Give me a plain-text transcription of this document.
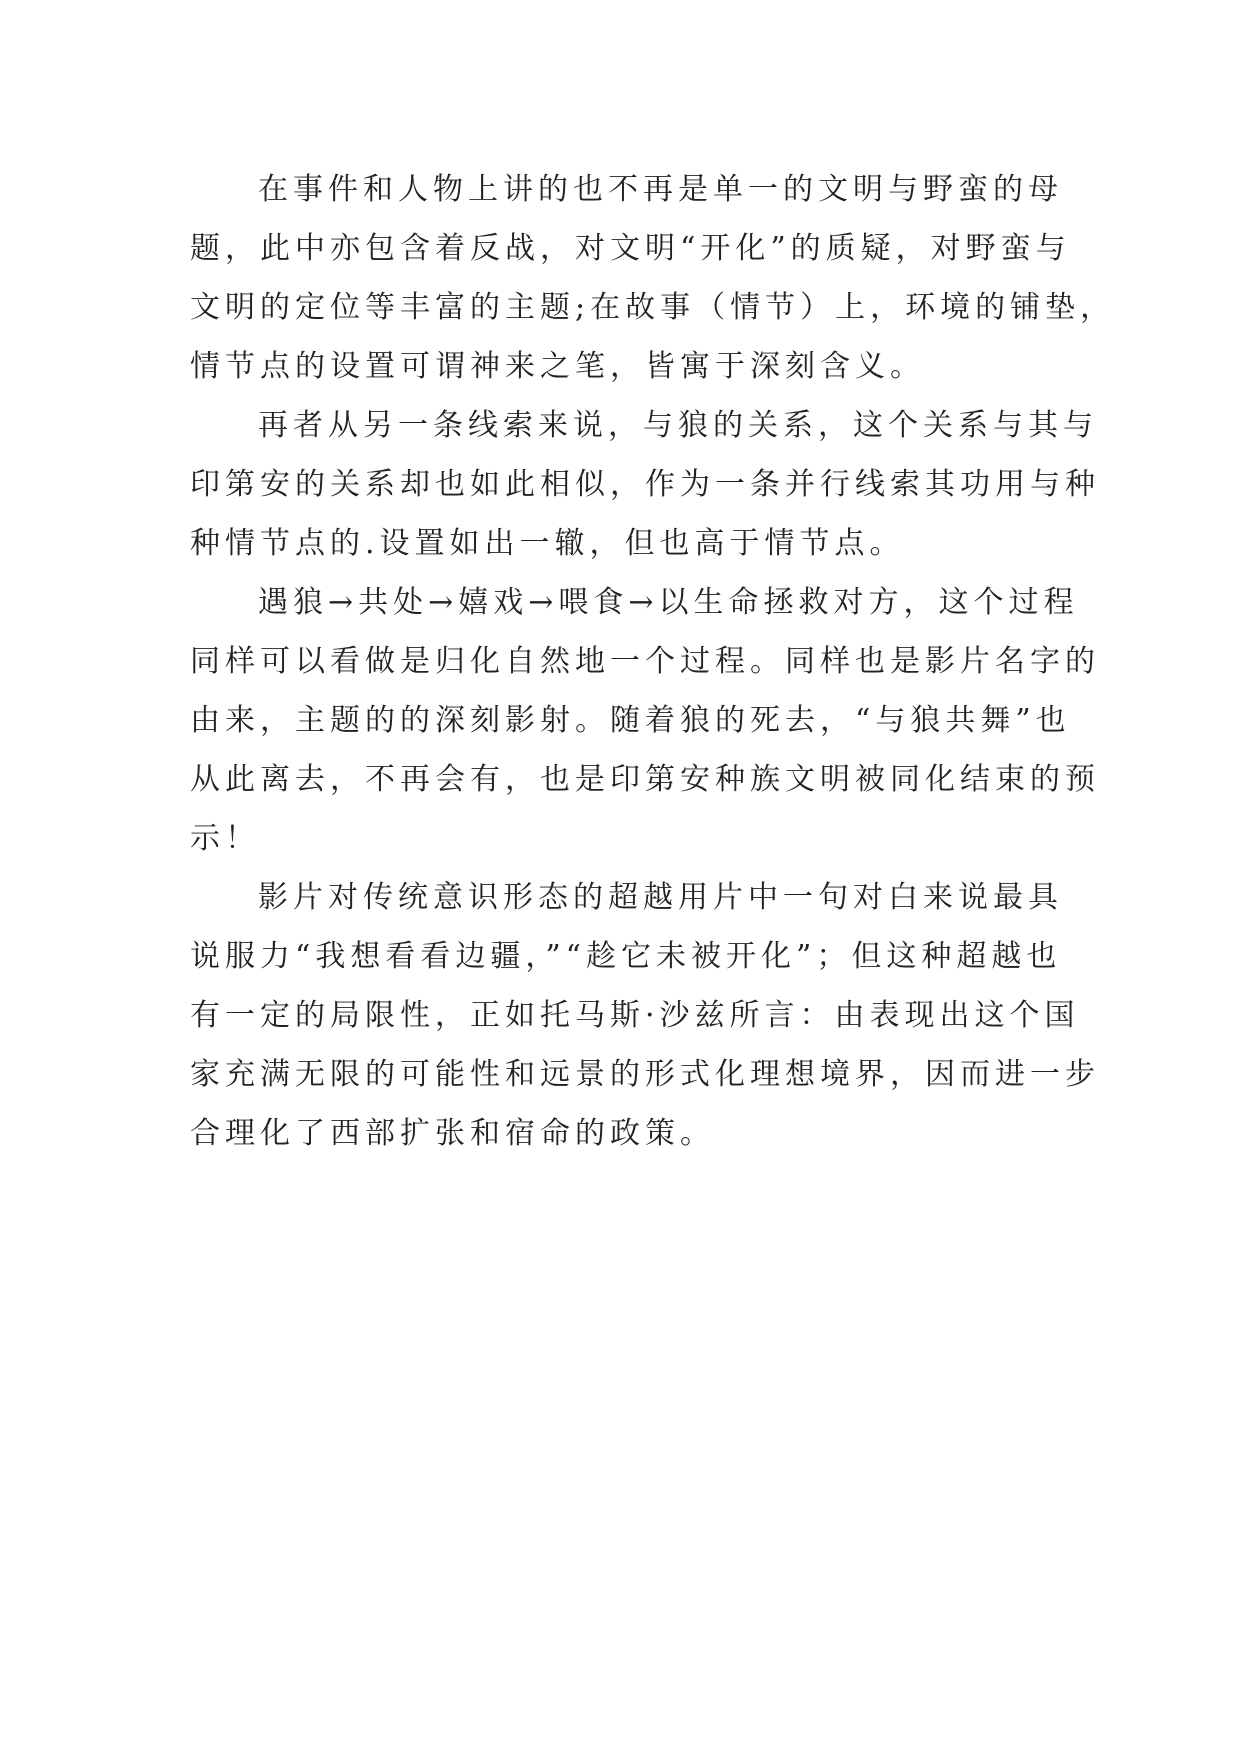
在事件和人物上讲的也不再是单一的文明与野蛮的母
题，此中亦包含着反战，对文明“开化”的质疑，对野蛮与
文明的定位等丰富的主题;在故事（情节）上，环境的铺垫，
情节点的设置可谓神来之笔，皆寓于深刻含义。
再者从另一条线索来说，与狼的关系，这个关系与其与
印第安的关系却也如此相似，作为一条并行线索其功用与种
种情节点的.设置如出一辙，但也高于情节点。
遇狼→共处→嬉戏→喂食→以生命拯救对方，这个过程
同样可以看做是归化自然地一个过程。同样也是影片名字的
由来，主题的的深刻影射。随着狼的死去，“与狼共舞”也
从此离去，不再会有，也是印第安种族文明被同化结束的预
示！
影片对传统意识形态的超越用片中一句对白来说最具
说服力“我想看看边疆，”“趁它未被开化”；但这种超越也
有一定的局限性，正如托马斯·沙兹所言：由表现出这个国
家充满无限的可能性和远景的形式化理想境界，因而进一步
合理化了西部扩张和宿命的政策。
